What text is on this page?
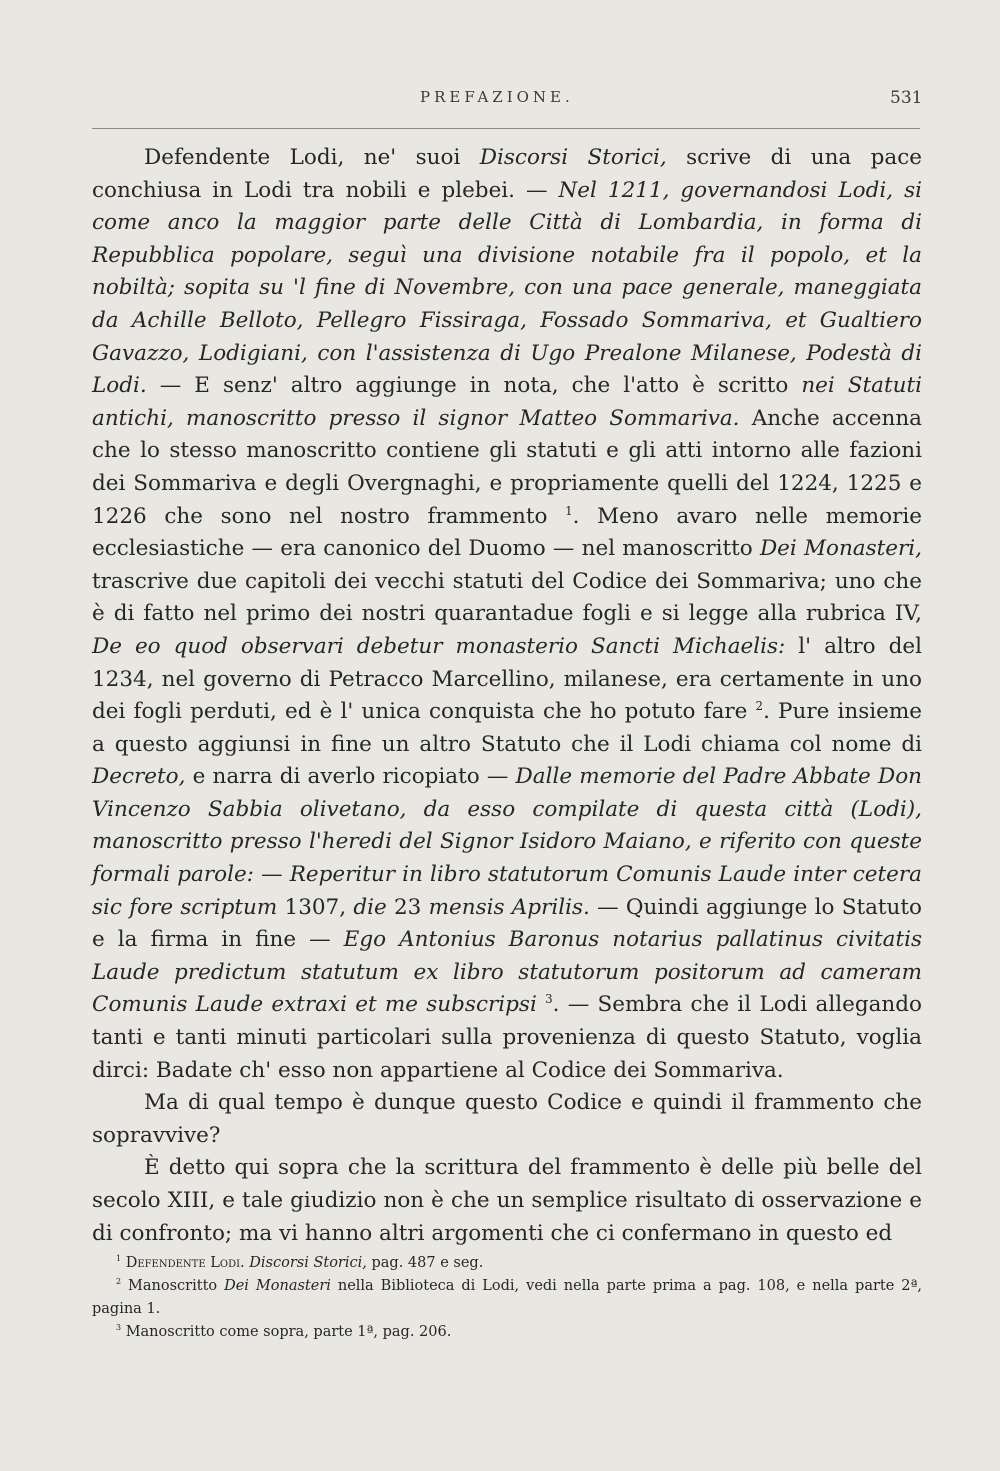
PREFAZIONE.	531

Defendente Lodi, ne' suoi Discorsi Storici, scrive di una pace conchiusa in Lodi tra nobili e plebei. — Nel 1211, governandosi Lodi, si come anco la maggior parte delle Città di Lombardia, in forma di Repubblica popolare, seguì una divisione notabile fra il popolo, et la nobiltà; sopita su 'l fine di Novembre, con una pace generale, maneggiata da Achille Belloto, Pellegro Fissiraga, Fossado Sommariva, et Gualtiero Gavazzo, Lodigiani, con l'assistenza di Ugo Prealone Milanese, Podestà di Lodi. — E senz' altro aggiunge in nota, che l'atto è scritto nei Statuti antichi, manoscritto presso il signor Matteo Sommariva. Anche accenna che lo stesso manoscritto contiene gli statuti e gli atti intorno alle fazioni dei Sommariva e degli Overgnaghi, e propriamente quelli del 1224, 1225 e 1226 che sono nel nostro frammento $^1$. Meno avaro nelle memorie ecclesiastiche — era canonico del Duomo — nel manoscritto Dei Monasteri, trascrive due capitoli dei vecchi statuti del Codice dei Sommariva; uno che è di fatto nel primo dei nostri quarantadue fogli e si legge alla rubrica IV, De eo quod observari debetur monasterio Sancti Michaelis: l' altro del 1234, nel governo di Petracco Marcellino, milanese, era certamente in uno dei fogli perduti, ed è l' unica conquista che ho potuto fare $^2$. Pure insieme a questo aggiunsi in fine un altro Statuto che il Lodi chiama col nome di Decreto, e narra di averlo ricopiato — Dalle memorie del Padre Abbate Don Vincenzo Sabbia olivetano, da esso compilate di questa città (Lodi), manoscritto presso l'heredi del Signor Isidoro Maiano, e riferito con queste formali parole: — Reperitur in libro statutorum Comunis Laude inter cetera sic fore scriptum 1307, die 23 mensis Aprilis. — Quindi aggiunge lo Statuto e la firma in fine — Ego Antonius Baronus notarius pallatinus civitatis Laude predictum statutum ex libro statutorum positorum ad cameram Comunis Laude extraxi et me subscripsi $^3$. — Sembra che il Lodi allegando tanti e tanti minuti particolari sulla provenienza di questo Statuto, voglia dirci: Badate ch' esso non appartiene al Codice dei Sommariva.

Ma di qual tempo è dunque questo Codice e quindi il frammento che sopravvive?

È detto qui sopra che la scrittura del frammento è delle più belle del secolo XIII, e tale giudizio non è che un semplice risultato di osservazione e di confronto; ma vi hanno altri argomenti che ci confermano in questo ed

$^1$ Defendente Lodi. Discorsi Storici, pag. 487 e seg.

$^2$ Manoscritto Dei Monasteri nella Biblioteca di Lodi, vedi nella parte prima a pag. 108, e nella parte 2ª, pagina 1.

$^3$ Manoscritto come sopra, parte 1ª, pag. 206.
